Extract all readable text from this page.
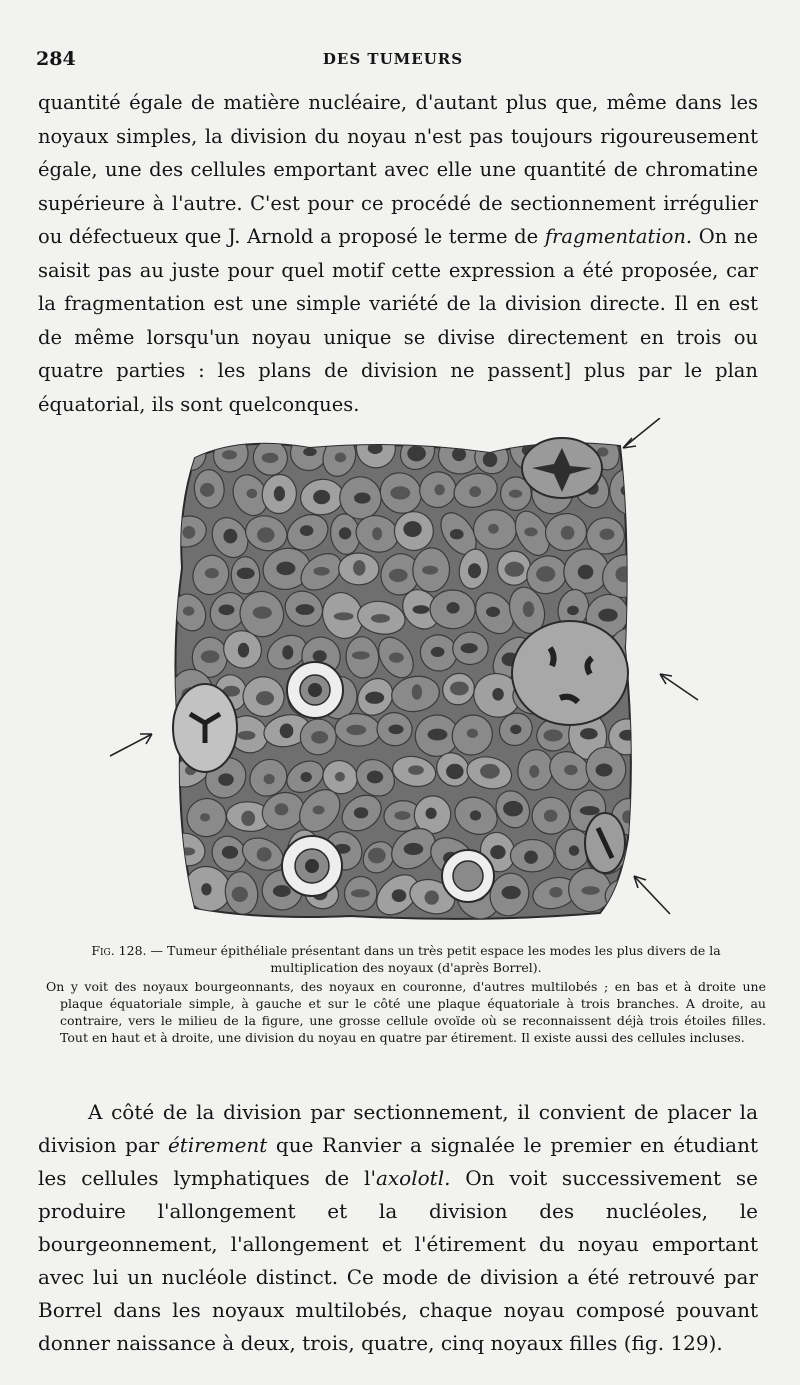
284	DES TUMEURS

quantité égale de matière nucléaire, d'autant plus que, même dans les noyaux simples, la division du noyau n'est pas toujours rigoureusement égale, une des cellules emportant avec elle une quantité de chromatine supérieure à l'autre. C'est pour ce procédé de sectionnement irrégulier ou défectueux que J. Arnold a proposé le terme de fragmentation. On ne saisit pas au juste pour quel motif cette expression a été proposée, car la fragmentation est une simple variété de la division directe. Il en est de même lorsqu'un noyau unique se divise directement en trois ou quatre parties : les plans de division ne passent] plus par le plan équatorial, ils sont quelconques.

Fig. 128. — Tumeur épithéliale présentant dans un très petit espace les modes les plus divers de la multiplication des noyaux (d'après Borrel).

On y voit des noyaux bourgeonnants, des noyaux en couronne, d'autres multilobés ; en bas et à droite une plaque équatoriale simple, à gauche et sur le côté une plaque équatoriale à trois branches. A droite, au contraire, vers le milieu de la figure, une grosse cellule ovoïde où se reconnaissent déjà trois étoiles filles. Tout en haut et à droite, une division du noyau en quatre par étirement. Il existe aussi des cellules incluses.

A côté de la division par sectionnement, il convient de placer la division par étirement que Ranvier a signalée le premier en étudiant les cellules lymphatiques de l'axolotl. On voit successivement se produire l'allongement et la division des nucléoles, le bourgeonnement, l'allongement et l'étirement du noyau emportant avec lui un nucléole distinct. Ce mode de division a été retrouvé par Borrel dans les noyaux multilobés, chaque noyau composé pouvant donner naissance à deux, trois, quatre, cinq noyaux filles (fig. 129).
